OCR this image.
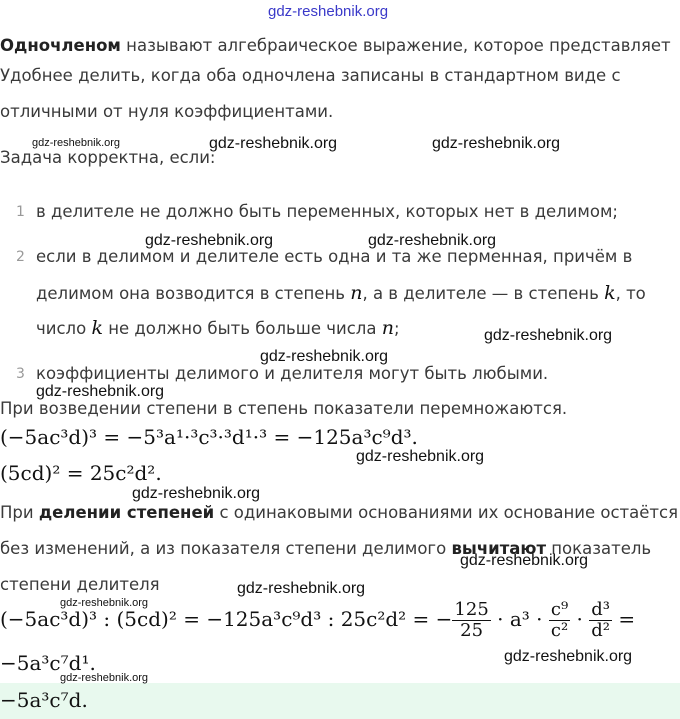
gdz-reshebnik.org
Одночленом называют алгебраическое выражение, которое представляет
Удобнее делить, когда оба одночлена записаны в стандартном виде с
отличными от нуля коэффициентами.
gdz-reshebnik.org	gdz-reshebnik.org	gdz-reshebnik.org
Задача корректна, если:
1 в делителе не должно быть переменных, которых нет в делимом;
gdz-reshebnik.org	gdz-reshebnik.org
2 если в делимом и делителе есть одна и та же перменная, причём в
делимом она возводится в степень n, а в делителе — в степень k, то
число k не должно быть больше числа n;	gdz-reshebnik.org
gdz-reshebnik.org
3 коэффициенты делимого и делителя могут быть любыми.
gdz-reshebnik.org
При возведении степени в степень показатели перемножаются.
(−5ac³d)³ = −5³a¹·³c³·³d¹·³ = −125a³c⁹d³.
gdz-reshebnik.org
(5cd)² = 25c²d².
gdz-reshebnik.org
При делении степеней с одинаковыми основаниями их основание остаётся
без изменений, а из показателя степени делимого вычитают показатель
gdz-reshebnik.org
степени делителя	gdz-reshebnik.org
gdz-reshebnik.org
(−5ac³d)³ : (5cd)² = −125a³c⁹d³ : 25c²d² = − $\frac{125}{25} \cdot a^3 \cdot \frac{\text{c⁹}}{\text{c²}} \cdot \frac{\text{d³}}{\text{d²}}$ =
gdz-reshebnik.org
−5a³c⁷d¹.
gdz-reshebnik.org
−5a³c⁷d.
